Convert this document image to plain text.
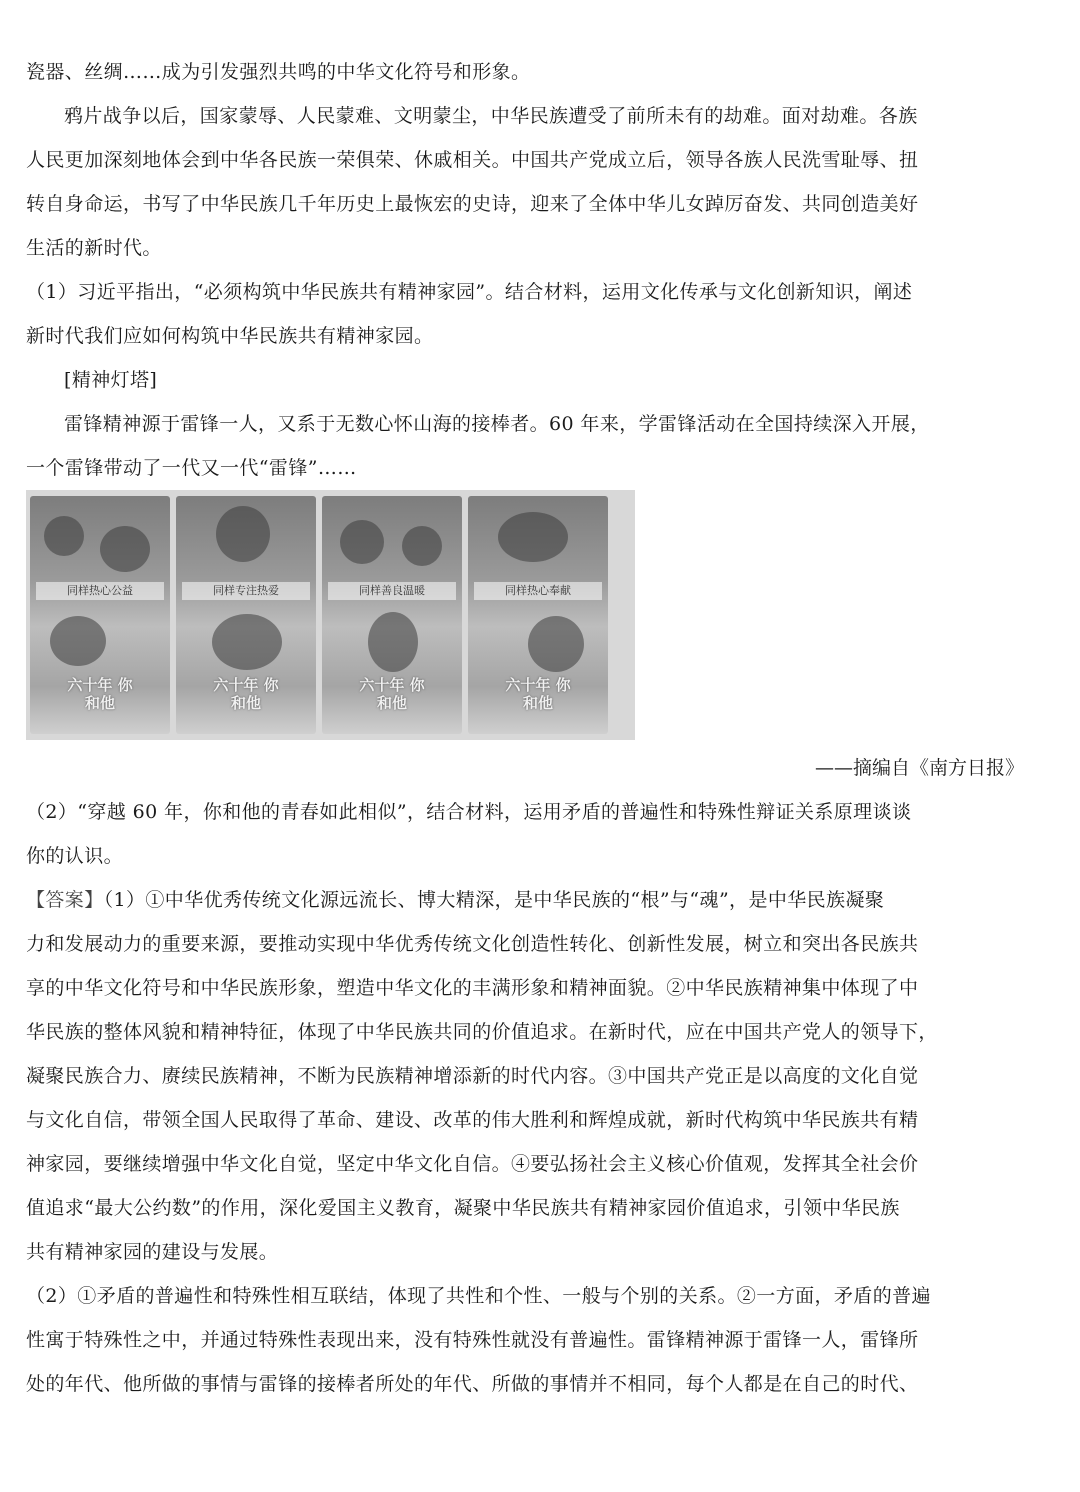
瓷器、丝绸……成为引发强烈共鸣的中华文化符号和形象。
鸦片战争以后，国家蒙辱、人民蒙难、文明蒙尘，中华民族遭受了前所未有的劫难。面对劫难。各族
人民更加深刻地体会到中华各民族一荣俱荣、休戚相关。中国共产党成立后，领导各族人民洗雪耻辱、扭
转自身命运，书写了中华民族几千年历史上最恢宏的史诗，迎来了全体中华儿女踔厉奋发、共同创造美好
生活的新时代。
（1）习近平指出，“必须构筑中华民族共有精神家园”。结合材料，运用文化传承与文化创新知识，阐述
新时代我们应如何构筑中华民族共有精神家园。
[精神灯塔]
雷锋精神源于雷锋一人，又系于无数心怀山海的接棒者。60 年来，学雷锋活动在全国持续深入开展，
一个雷锋带动了一代又一代“雷锋”……
同样热心公益
六十年 你和他
同样专注热爱
六十年 你和他
同样善良温暖
六十年 你和他
同样热心奉献
六十年 你和他
——摘编自《南方日报》
（2）“穿越 60 年，你和他的青春如此相似”，结合材料，运用矛盾的普遍性和特殊性辩证关系原理谈谈
你的认识。
【答案】（1）①中华优秀传统文化源远流长、博大精深，是中华民族的“根”与“魂”，是中华民族凝聚
力和发展动力的重要来源，要推动实现中华优秀传统文化创造性转化、创新性发展，树立和突出各民族共
享的中华文化符号和中华民族形象，塑造中华文化的丰满形象和精神面貌。②中华民族精神集中体现了中
华民族的整体风貌和精神特征，体现了中华民族共同的价值追求。在新时代，应在中国共产党人的领导下，
凝聚民族合力、赓续民族精神，不断为民族精神增添新的时代内容。③中国共产党正是以高度的文化自觉
与文化自信，带领全国人民取得了革命、建设、改革的伟大胜利和辉煌成就，新时代构筑中华民族共有精
神家园，要继续增强中华文化自觉，坚定中华文化自信。④要弘扬社会主义核心价值观，发挥其全社会价
值追求“最大公约数”的作用，深化爱国主义教育，凝聚中华民族共有精神家园价值追求，引领中华民族
共有精神家园的建设与发展。
（2）①矛盾的普遍性和特殊性相互联结，体现了共性和个性、一般与个别的关系。②一方面，矛盾的普遍
性寓于特殊性之中，并通过特殊性表现出来，没有特殊性就没有普遍性。雷锋精神源于雷锋一人，雷锋所
处的年代、他所做的事情与雷锋的接棒者所处的年代、所做的事情并不相同，每个人都是在自己的时代、
